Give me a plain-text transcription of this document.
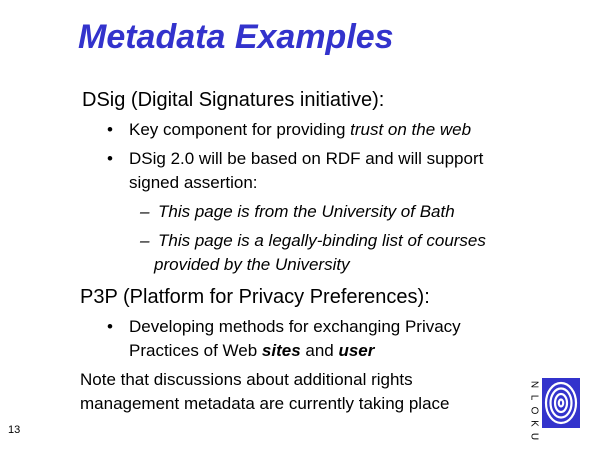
Metadata Examples
DSig (Digital Signatures initiative):
• Key component for providing trust on the web
• DSig 2.0 will be based on RDF and will support
signed assertion:
– This page is from the University of Bath
– This page is a legally-binding list of courses
provided by the University
P3P (Platform for Privacy Preferences):
• Developing methods for exchanging Privacy
Practices of Web sites and user
Note that discussions about additional rights
management metadata are currently taking place
13
N
L
O
K
U
